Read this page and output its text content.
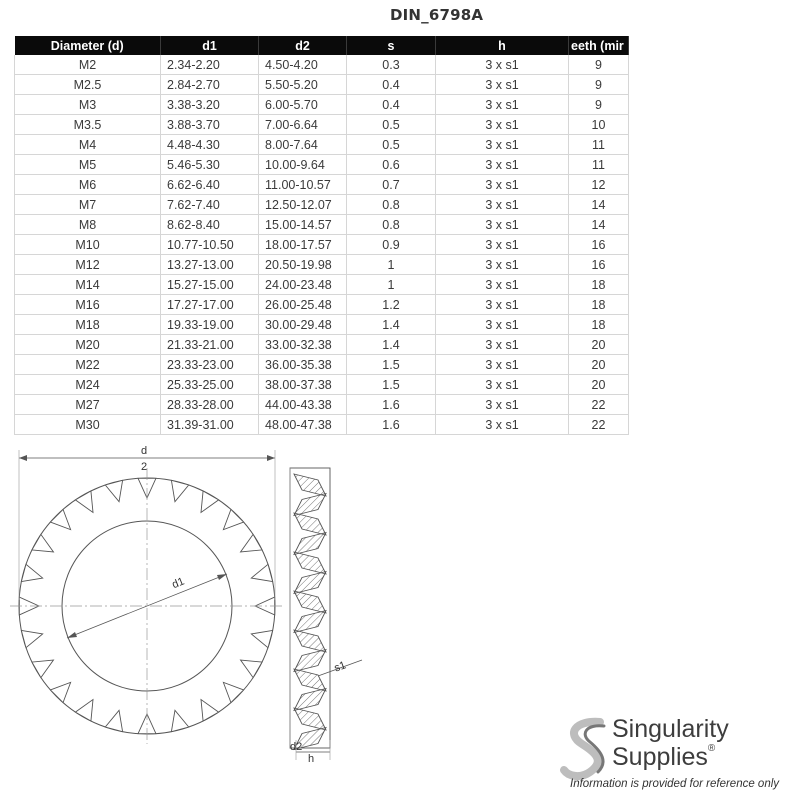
DIN_6798A
Diameter (d)	d1	d2	s	h	eeth (mir
M2	2.34-2.20	4.50-4.20	0.3	3 x s1	9
M2.5	2.84-2.70	5.50-5.20	0.4	3 x s1	9
M3	3.38-3.20	6.00-5.70	0.4	3 x s1	9
M3.5	3.88-3.70	7.00-6.64	0.5	3 x s1	10
M4	4.48-4.30	8.00-7.64	0.5	3 x s1	11
M5	5.46-5.30	10.00-9.64	0.6	3 x s1	11
M6	6.62-6.40	11.00-10.57	0.7	3 x s1	12
M7	7.62-7.40	12.50-12.07	0.8	3 x s1	14
M8	8.62-8.40	15.00-14.57	0.8	3 x s1	14
M10	10.77-10.50	18.00-17.57	0.9	3 x s1	16
M12	13.27-13.00	20.50-19.98	1	3 x s1	16
M14	15.27-15.00	24.00-23.48	1	3 x s1	18
M16	17.27-17.00	26.00-25.48	1.2	3 x s1	18
M18	19.33-19.00	30.00-29.48	1.4	3 x s1	18
M20	21.33-21.00	33.00-32.38	1.4	3 x s1	20
M22	23.33-23.00	36.00-35.38	1.5	3 x s1	20
M24	25.33-25.00	38.00-37.38	1.5	3 x s1	20
M27	28.33-28.00	44.00-43.38	1.6	3 x s1	22
M30	31.39-31.00	48.00-47.38	1.6	3 x s1	22
d
2
d1
d2
s1
h
Singularity
Supplies®
Information is provided for reference only
